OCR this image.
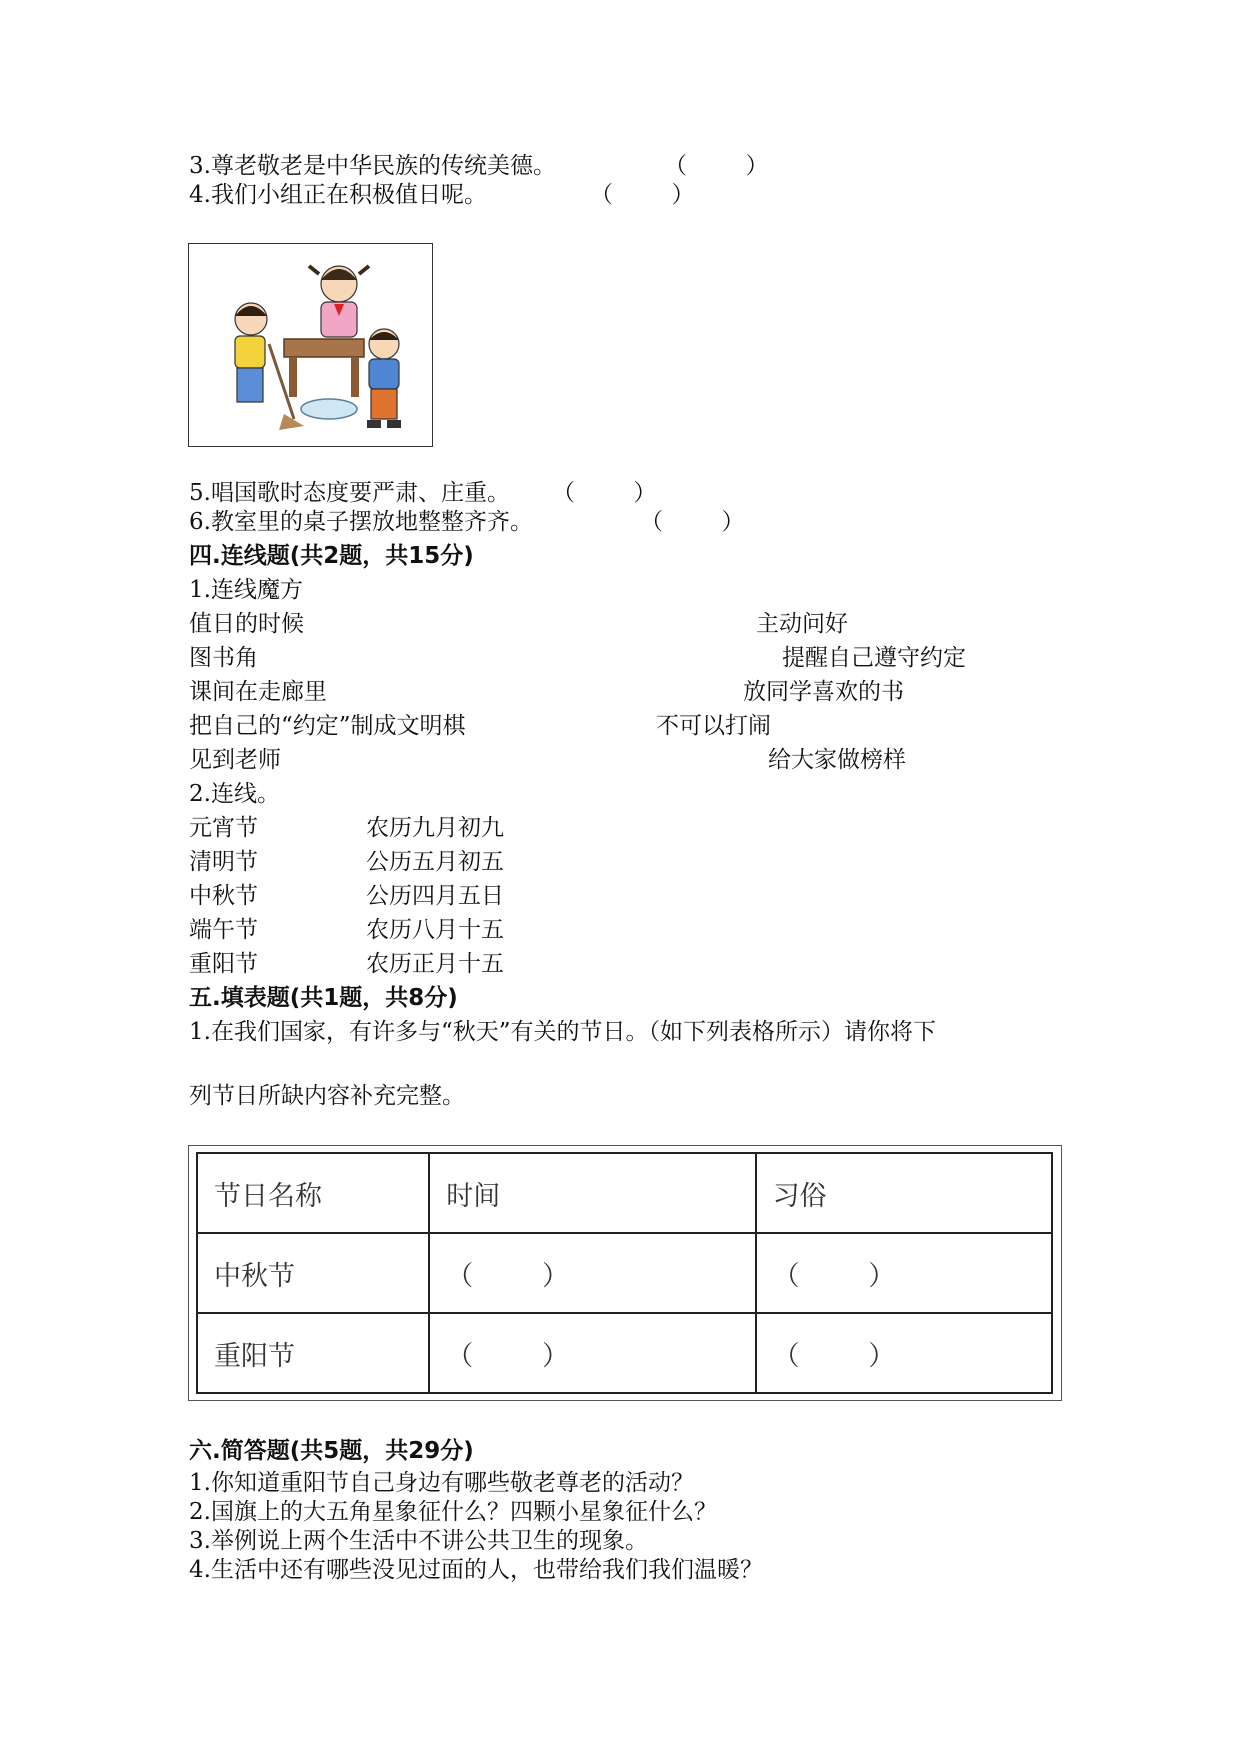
3.尊老敬老是中华民族的传统美德。	（        ）
4.我们小组正在积极值日呢。	（        ）
5.唱国歌时态度要严肃、庄重。 （        ）
6.教室里的桌子摆放地整整齐齐。	（        ）
四.连线题(共2题，共15分)
1.连线魔方
值日的时候	主动问好
图书角	提醒自己遵守约定
课间在走廊里	放同学喜欢的书
把自己的“约定”制成文明棋	不可以打闹
见到老师	给大家做榜样
2.连线。
元宵节	农历九月初九
清明节	公历五月初五
中秋节	公历四月五日
端午节	农历八月十五
重阳节	农历正月十五
五.填表题(共1题，共8分)
1.在我们国家，有许多与“秋天”有关的节日。（如下列表格所示）请你将下
列节日所缺内容补充完整。
节日名称	时间	习俗
中秋节	（        ）	（        ）
重阳节	（        ）	（        ）
六.简答题(共5题，共29分)
1.你知道重阳节自己身边有哪些敬老尊老的活动？
2.国旗上的大五角星象征什么？四颗小星象征什么？
3.举例说上两个生活中不讲公共卫生的现象。
4.生活中还有哪些没见过面的人，也带给我们我们温暖？
